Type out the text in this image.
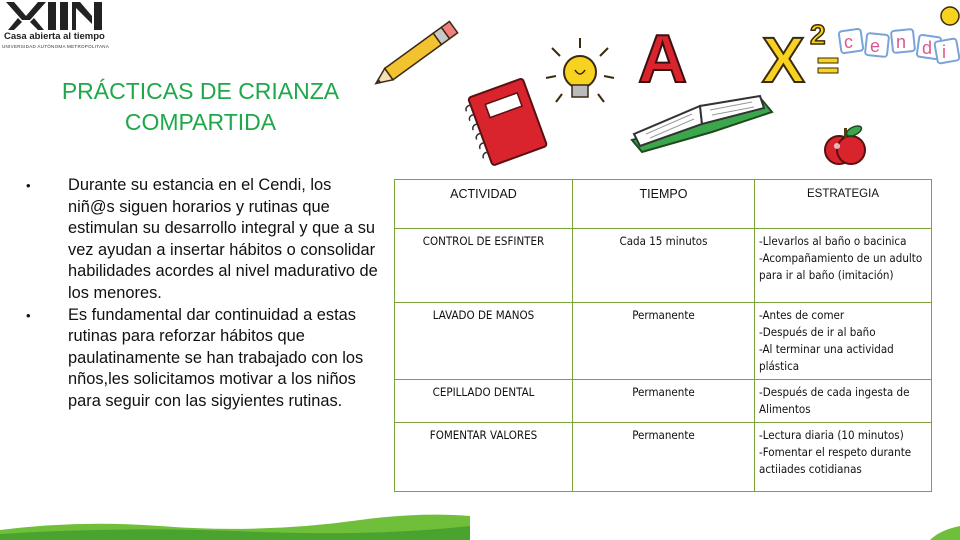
Casa abierta al tiempo
UNIVERSIDAD AUTÓNOMA METROPOLITANA
PRÁCTICAS DE CRIANZA
COMPARTIDA
•	Durante su estancia en el Cendi, los niñ@s siguen horarios y rutinas que estimulan su desarrollo integral y que a su vez ayudan a insertar hábitos o consolidar habilidades acordes al nivel madurativo de los menores.
•	Es fundamental dar continuidad a estas rutinas para reforzar hábitos que paulatinamente se han trabajado con los nños,les solicitamos motivar a los niños para seguir con las sigyientes rutinas.
A X 2 c e n d i
ACTIVIDAD	TIEMPO	ESTRATEGIA
CONTROL DE ESFINTER	Cada 15 minutos	-Llevarlos al baño o bacinica
-Acompañamiento de un adulto para ir al baño (imitación)

LAVADO DE MANOS	Permanente	-Antes de comer
-Después de ir al baño
-Al terminar una actividad plástica

CEPILLADO DENTAL	Permanente	-Después de cada ingesta de Alimentos

FOMENTAR VALORES	Permanente	-Lectura diaria (10 minutos)
-Fomentar el respeto durante actiiades cotidianas
